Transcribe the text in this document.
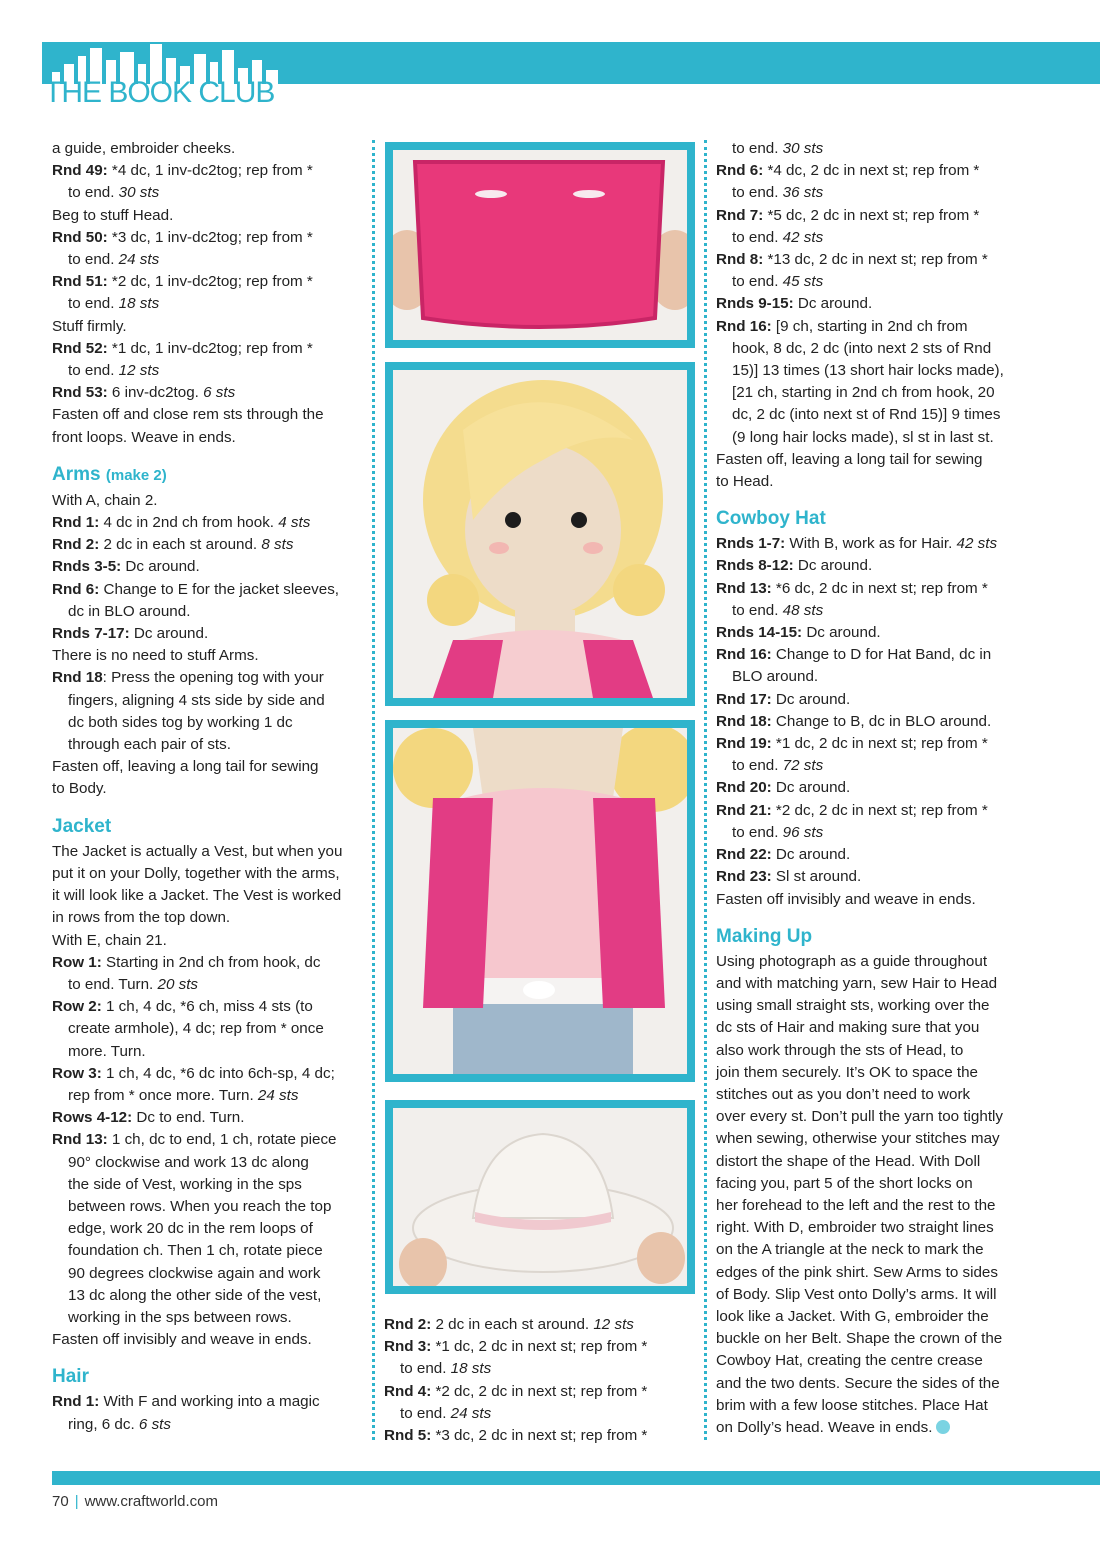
THE BOOK CLUB
a guide, embroider cheeks.
Rnd 49: *4 dc, 1 inv-dc2tog; rep from *
to end. 30 sts
Beg to stuff Head.
Rnd 50: *3 dc, 1 inv-dc2tog; rep from *
to end. 24 sts
Rnd 51: *2 dc, 1 inv-dc2tog; rep from *
to end. 18 sts
Stuff firmly.
Rnd 52: *1 dc, 1 inv-dc2tog; rep from *
to end. 12 sts
Rnd 53: 6 inv-dc2tog. 6 sts
Fasten off and close rem sts through the
front loops. Weave in ends.
Arms (make 2)
With A, chain 2.
Rnd 1: 4 dc in 2nd ch from hook. 4 sts
Rnd 2: 2 dc in each st around. 8 sts
Rnds 3-5: Dc around.
Rnd 6: Change to E for the jacket sleeves,
dc in BLO around.
Rnds 7-17: Dc around.
There is no need to stuff Arms.
Rnd 18: Press the opening tog with your
fingers, aligning 4 sts side by side and
dc both sides tog by working 1 dc
through each pair of sts.
Fasten off, leaving a long tail for sewing
to Body.
Jacket
The Jacket is actually a Vest, but when you
put it on your Dolly, together with the arms,
it will look like a Jacket. The Vest is worked
in rows from the top down.
With E, chain 21.
Row 1: Starting in 2nd ch from hook, dc
to end. Turn. 20 sts
Row 2: 1 ch, 4 dc, *6 ch, miss 4 sts (to
create armhole), 4 dc; rep from * once
more. Turn.
Row 3: 1 ch, 4 dc, *6 dc into 6ch-sp, 4 dc;
rep from * once more. Turn. 24 sts
Rows 4-12: Dc to end. Turn.
Rnd 13: 1 ch, dc to end, 1 ch, rotate piece
90° clockwise and work 13 dc along
the side of Vest, working in the sps
between rows. When you reach the top
edge, work 20 dc in the rem loops of
foundation ch. Then 1 ch, rotate piece
90 degrees clockwise again and work
13 dc along the other side of the vest,
working in the sps between rows.
Fasten off invisibly and weave in ends.
Hair
Rnd 1: With F and working into a magic
ring, 6 dc. 6 sts
Rnd 2: 2 dc in each st around. 12 sts
Rnd 3: *1 dc, 2 dc in next st; rep from *
to end. 18 sts
Rnd 4: *2 dc, 2 dc in next st; rep from *
to end. 24 sts
Rnd 5: *3 dc, 2 dc in next st; rep from *
to end. 30 sts
Rnd 6: *4 dc, 2 dc in next st; rep from *
to end. 36 sts
Rnd 7: *5 dc, 2 dc in next st; rep from *
to end. 42 sts
Rnd 8: *13 dc, 2 dc in next st; rep from *
to end. 45 sts
Rnds 9-15: Dc around.
Rnd 16: [9 ch, starting in 2nd ch from
hook, 8 dc, 2 dc (into next 2 sts of Rnd
15)] 13 times (13 short hair locks made),
[21 ch, starting in 2nd ch from hook, 20
dc, 2 dc (into next st of Rnd 15)] 9 times
(9 long hair locks made), sl st in last st.
Fasten off, leaving a long tail for sewing
to Head.
Cowboy Hat
Rnds 1-7: With B, work as for Hair. 42 sts
Rnds 8-12: Dc around.
Rnd 13: *6 dc, 2 dc in next st; rep from *
to end. 48 sts
Rnds 14-15: Dc around.
Rnd 16: Change to D for Hat Band, dc in
BLO around.
Rnd 17: Dc around.
Rnd 18: Change to B, dc in BLO around.
Rnd 19: *1 dc, 2 dc in next st; rep from *
to end. 72 sts
Rnd 20: Dc around.
Rnd 21: *2 dc, 2 dc in next st; rep from *
to end. 96 sts
Rnd 22: Dc around.
Rnd 23: Sl st around.
Fasten off invisibly and weave in ends.
Making Up
Using photograph as a guide throughout
and with matching yarn, sew Hair to Head
using small straight sts, working over the
dc sts of Hair and making sure that you
also work through the sts of Head, to
join them securely. It’s OK to space the
stitches out as you don’t need to work
over every st. Don’t pull the yarn too tightly
when sewing, otherwise your stitches may
distort the shape of the Head. With Doll
facing you, part 5 of the short locks on
her forehead to the left and the rest to the
right. With D, embroider two straight lines
on the A triangle at the neck to mark the
edges of the pink shirt. Sew Arms to sides
of Body. Slip Vest onto Dolly’s arms. It will
look like a Jacket. With G, embroider the
buckle on her Belt. Shape the crown of the
Cowboy Hat, creating the centre crease
and the two dents. Secure the sides of the
brim with a few loose stitches. Place Hat
on Dolly’s head. Weave in ends.
70 | www.craftworld.com
